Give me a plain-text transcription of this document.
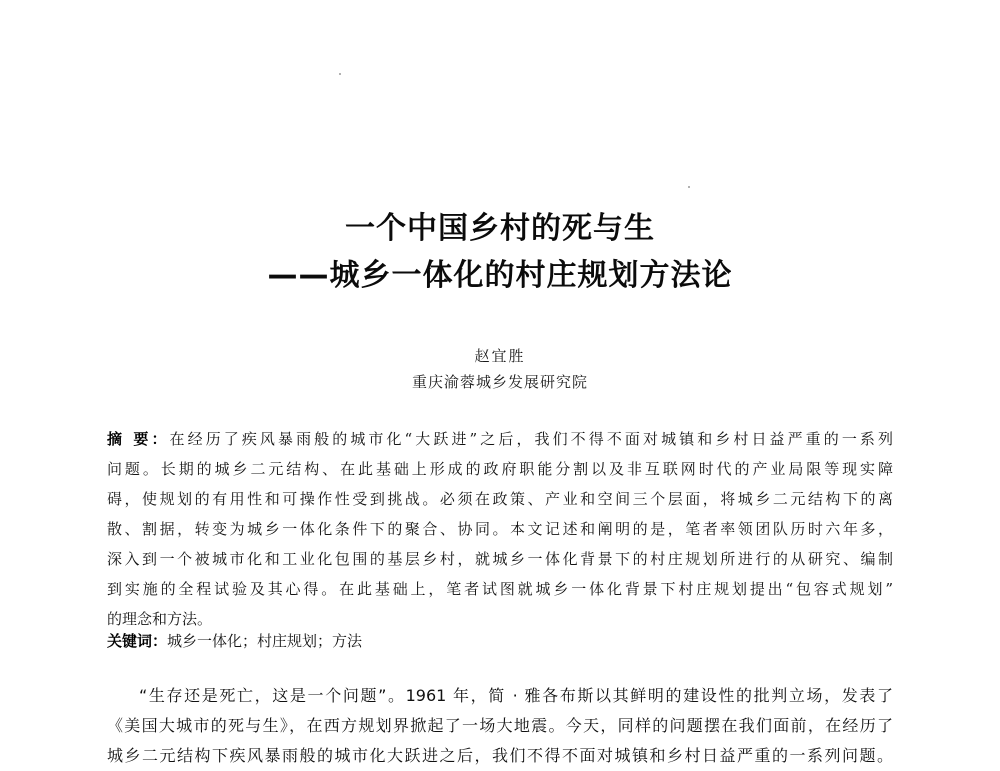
一个中国乡村的死与生
——城乡一体化的村庄规划方法论
赵宜胜
重庆渝蓉城乡发展研究院
摘 要：在经历了疾风暴雨般的城市化“大跃进”之后，我们不得不面对城镇和乡村日益严重的一系列
问题。长期的城乡二元结构、在此基础上形成的政府职能分割以及非互联网时代的产业局限等现实障
碍，使规划的有用性和可操作性受到挑战。必须在政策、产业和空间三个层面，将城乡二元结构下的离
散、割据，转变为城乡一体化条件下的聚合、协同。本文记述和阐明的是，笔者率领团队历时六年多，
深入到一个被城市化和工业化包围的基层乡村，就城乡一体化背景下的村庄规划所进行的从研究、编制
到实施的全程试验及其心得。在此基础上，笔者试图就城乡一体化背景下村庄规划提出“包容式规划”
的理念和方法。
关键词：城乡一体化；村庄规划；方法
“生存还是死亡，这是一个问题”。1961 年，简 · 雅各布斯以其鲜明的建设性的批判立场，发表了
《美国大城市的死与生》，在西方规划界掀起了一场大地震。今天，同样的问题摆在我们面前，在经历了
城乡二元结构下疾风暴雨般的城市化大跃进之后，我们不得不面对城镇和乡村日益严重的一系列问题。
